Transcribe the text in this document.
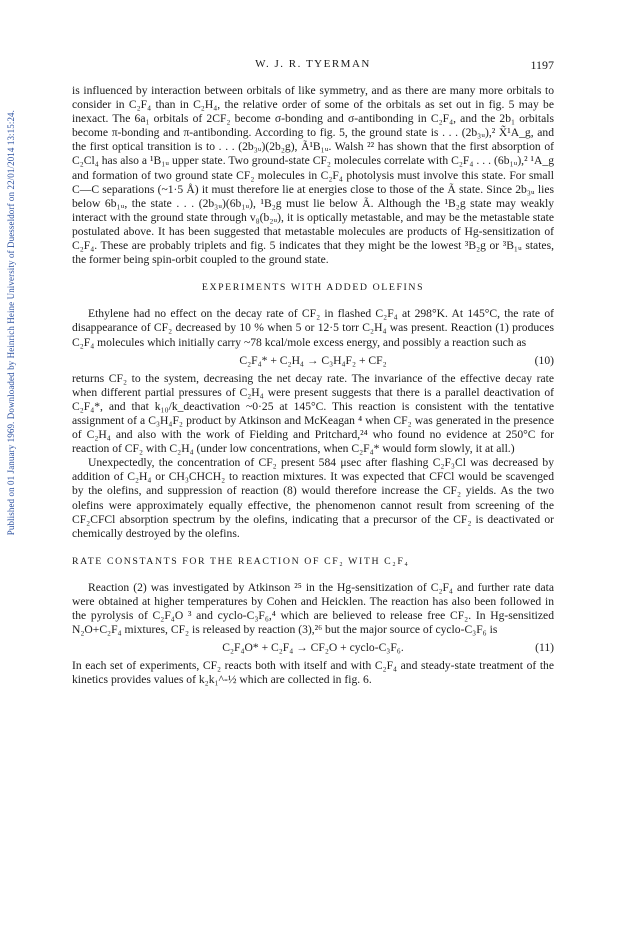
Published on 01 January 1969. Downloaded by Heinrich Heine University of Duesseldorf on 22/01/2014 13:15:24.
W. J. R. TYERMAN	1197

is influenced by interaction between orbitals of like symmetry, and as there are many more orbitals to consider in C₂F₄ than in C₂H₄, the relative order of some of the orbitals as set out in fig. 5 may be inexact. The 6a₁ orbitals of 2CF₂ become σ-bonding and σ-antibonding in C₂F₄, and the 2b₁ orbitals become π-bonding and π-antibonding. According to fig. 5, the ground state is . . . (2b₃ᵤ),² X̃¹A_g, and the first optical transition is to . . . (2b₃ᵤ)(2b₂g), Ã¹B₁ᵤ. Walsh ²² has shown that the first absorption of C₂Cl₄ has also a ¹B₁ᵤ upper state. Two ground-state CF₂ molecules correlate with C₂F₄ . . . (6b₁ᵤ),² ¹A_g and formation of two ground state CF₂ molecules in C₂F₄ photolysis must involve this state. For small C—C separations (~1·5 Å) it must therefore lie at energies close to those of the Ã state. Since 2b₃ᵤ lies below 6b₁ᵤ, the state . . . (2b₃ᵤ)(6b₁ᵤ), ¹B₂g must lie below Ã. Although the ¹B₂g state may weakly interact with the ground state through v₈(b₂ᵤ), it is optically metastable, and may be the metastable state postulated above. It has been suggested that metastable molecules are products of Hg-sensitization of C₂F₄. These are probably triplets and fig. 5 indicates that they might be the lowest ³B₂g or ³B₁ᵤ states, the former being spin-orbit coupled to the ground state.

EXPERIMENTS WITH ADDED OLEFINS

Ethylene had no effect on the decay rate of CF₂ in flashed C₂F₄ at 298°K. At 145°C, the rate of disappearance of CF₂ decreased by 10 % when 5 or 12·5 torr C₂H₄ was present. Reaction (1) produces C₂F₄ molecules which initially carry ~78 kcal/mole excess energy, and possibly a reaction such as

C₂F₄* + C₂H₄ → C₃H₄F₂ + CF₂	(10)

returns CF₂ to the system, decreasing the net decay rate. The invariance of the effective decay rate when different partial pressures of C₂H₄ were present suggests that there is a parallel deactivation of C₂F₄*, and that k₁₀/k_deactivation ~0·25 at 145°C. This reaction is consistent with the tentative assignment of a C₃H₄F₂ product by Atkinson and McKeagan ⁴ when CF₂ was generated in the presence of C₂H₄ and also with the work of Fielding and Pritchard,²⁴ who found no evidence at 250°C for reaction of CF₂ with C₂H₄ (under low concentrations, when C₂F₄* would form slowly, it at all.)

Unexpectedly, the concentration of CF₂ present 584 μsec after flashing C₂F₃Cl was decreased by addition of C₂H₄ or CH₃CHCH₂ to reaction mixtures. It was expected that CFCl would be scavenged by the olefins, and suppression of reaction (8) would therefore increase the CF₂ yields. As the two olefins were approximately equally effective, the phenomenon cannot result from screening of the CF₂CFCl absorption spectrum by the olefins, indicating that a precursor of the CF₂ is deactivated or chemically destroyed by the olefins.

RATE CONSTANTS FOR THE REACTION OF CF₂ WITH C₂F₄

Reaction (2) was investigated by Atkinson ²⁵ in the Hg-sensitization of C₂F₄ and further rate data were obtained at higher temperatures by Cohen and Heicklen. The reaction has also been followed in the pyrolysis of C₂F₄O ³ and cyclo-C₃F₆,⁴ which are believed to release free CF₂. In Hg-sensitized N₂O+C₂F₄ mixtures, CF₂ is released by reaction (3),²⁶ but the major source of cyclo-C₃F₆ is

C₂F₄O* + C₂F₄ → CF₂O + cyclo-C₃F₆.	(11)

In each set of experiments, CF₂ reacts both with itself and with C₂F₄ and steady-state treatment of the kinetics provides values of k₂k₁^-½ which are collected in fig. 6.
